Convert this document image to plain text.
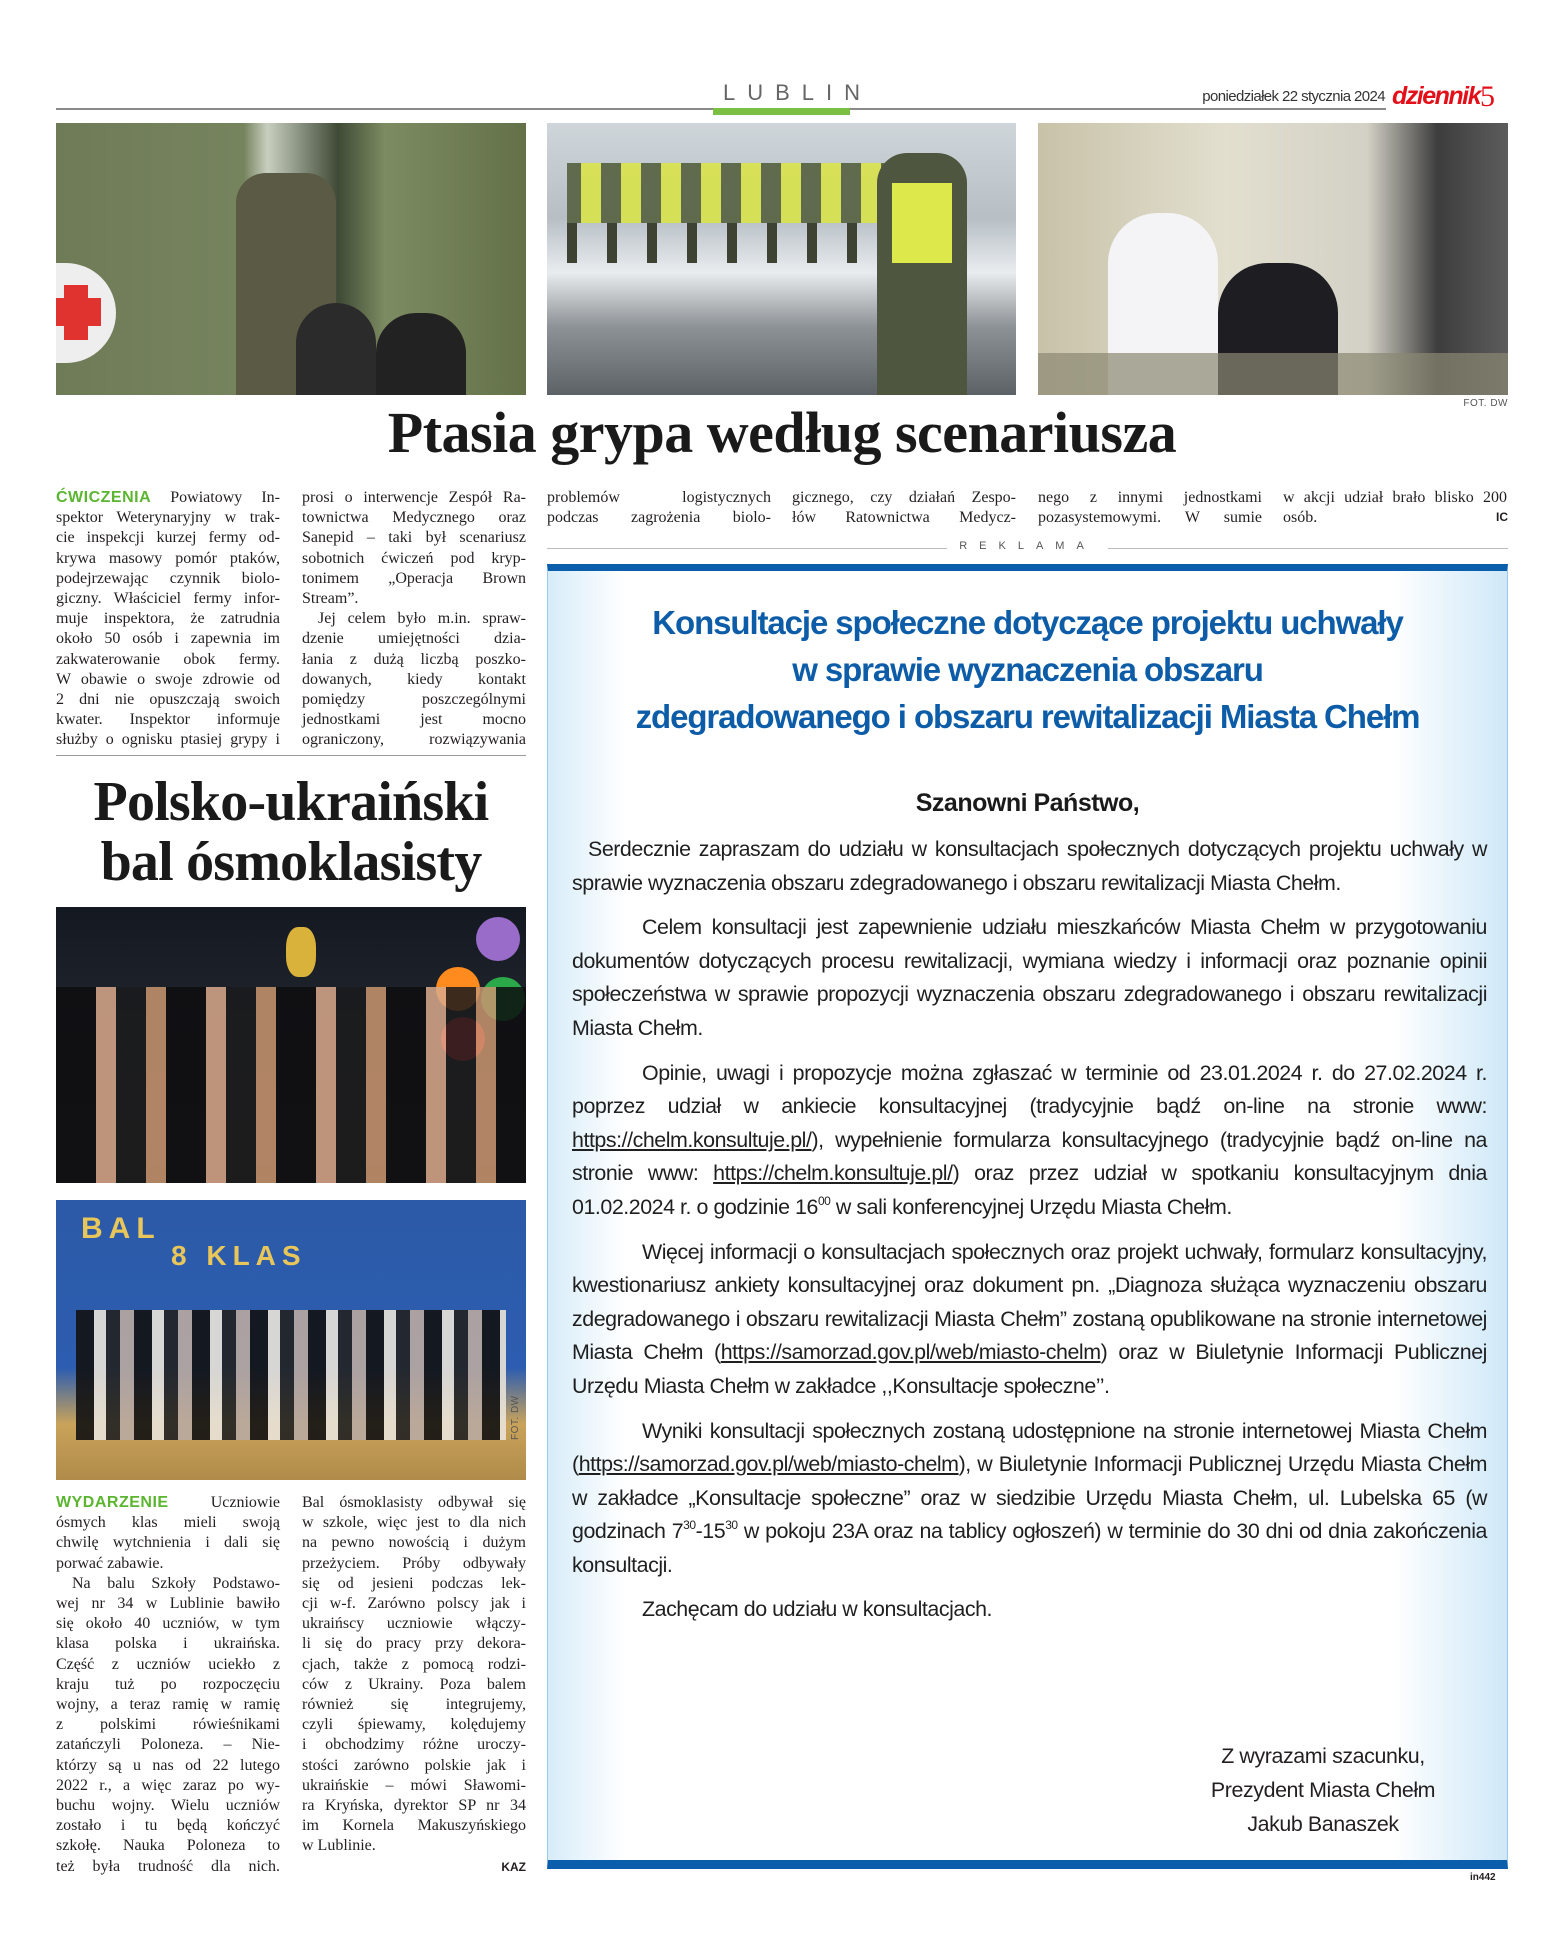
LUBLIN	poniedziałek 22 stycznia 2024 dziennik 5
FOT. DW
Ptasia grypa według scenariusza
ĆWICZENIA Powiatowy In-
spektor Weterynaryjny w trak-
cie inspekcji kurzej fermy od-
krywa masowy pomór ptaków,
podejrzewając czynnik biolo-
giczny. Właściciel fermy infor-
muje inspektora, że zatrudnia
około 50 osób i zapewnia im
zakwaterowanie obok fermy.
W obawie o swoje zdrowie od
2 dni nie opuszczają swoich
kwater. Inspektor informuje
służby o ognisku ptasiej grypy i
prosi o interwencje Zespół Ra-
townictwa Medycznego oraz
Sanepid – taki był scenariusz
sobotnich ćwiczeń pod kryp-
tonimem „Operacja Brown
Stream”.
Jej celem było m.in. spraw-
dzenie umiejętności dzia-
łania z dużą liczbą poszko-
dowanych, kiedy kontakt
pomiędzy poszczególnymi
jednostkami jest mocno
ograniczony, rozwiązywania
problemów logistycznych
podczas zagrożenia biolo-
gicznego, czy działań Zespo-
łów Ratownictwa Medycz-
nego z innymi jednostkami
pozasystemowymi. W sumie
w akcji udział brało blisko 200
osób.	IC
REKLAMA
Konsultacje społeczne dotyczące projektu uchwały
w sprawie wyznaczenia obszaru
zdegradowanego i obszaru rewitalizacji Miasta Chełm
Szanowni Państwo,

Serdecznie zapraszam do udziału w konsultacjach społecznych dotyczących projektu uchwały w sprawie wyznaczenia obszaru zdegradowanego i obszaru rewitalizacji Miasta Chełm.

Celem konsultacji jest zapewnienie udziału mieszkańców Miasta Chełm w przygotowaniu dokumentów dotyczących procesu rewitalizacji, wymiana wiedzy i informacji oraz poznanie opinii społeczeństwa w sprawie propozycji wyznaczenia obszaru zdegradowanego i obszaru rewitalizacji Miasta Chełm.

Opinie, uwagi i propozycje można zgłaszać w terminie od 23.01.2024 r. do 27.02.2024 r. poprzez udział w ankiecie konsultacyjnej (tradycyjnie bądź on-line na stronie www: https://chelm.konsultuje.pl/), wypełnienie formularza konsultacyjnego (tradycyjnie bądź on-line na stronie www: https://chelm.konsultuje.pl/) oraz przez udział w spotkaniu konsultacyjnym dnia 01.02.2024 r. o godzinie $16^{00}$ w sali konferencyjnej Urzędu Miasta Chełm.

Więcej informacji o konsultacjach społecznych oraz projekt uchwały, formularz konsultacyjny, kwestionariusz ankiety konsultacyjnej oraz dokument pn. „Diagnoza służąca wyznaczeniu obszaru zdegradowanego i obszaru rewitalizacji Miasta Chełm” zostaną opublikowane na stronie internetowej Miasta Chełm (https://samorzad.gov.pl/web/miasto-chelm) oraz w Biuletynie Informacji Publicznej Urzędu Miasta Chełm w zakładce ,,Konsultacje społeczne’’.

Wyniki konsultacji społecznych zostaną udostępnione na stronie internetowej Miasta Chełm (https://samorzad.gov.pl/web/miasto-chelm), w Biuletynie Informacji Publicznej Urzędu Miasta Chełm w zakładce „Konsultacje społeczne” oraz w siedzibie Urzędu Miasta Chełm, ul. Lubelska 65 (w godzinach $7^{30}-15^{30}$ w pokoju 23A oraz na tablicy ogłoszeń) w terminie do 30 dni od dnia zakończenia konsultacji.

Zachęcam do udziału w konsultacjach.

Z wyrazami szacunku,
Prezydent Miasta Chełm
Jakub Banaszek
in442
Polsko-ukraiński
bal ósmoklasisty
BAL
8 KLAS
FOT. DW
WYDARZENIE	Uczniowie
ósmych klas mieli swoją
chwilę wytchnienia i dali się
porwać zabawie.
Na balu Szkoły Podstawo-
wej nr 34 w Lublinie bawiło
się około 40 uczniów, w tym
klasa polska i ukraińska.
Część z uczniów uciekło z
kraju tuż po rozpoczęciu
wojny, a teraz ramię w ramię
z polskimi rówieśnikami
zatańczyli Poloneza. – Nie-
którzy są u nas od 22 lutego
2022 r., a więc zaraz po wy-
buchu wojny. Wielu uczniów
zostało i tu będą kończyć
szkołę. Nauka Poloneza to
też była trudność dla nich.
Bal ósmoklasisty odbywał się
w szkole, więc jest to dla nich
na pewno nowością i dużym
przeżyciem. Próby odbywały
się od jesieni podczas lek-
cji w-f. Zarówno polscy jak i
ukraińscy uczniowie włączy-
li się do pracy przy dekora-
cjach, także z pomocą rodzi-
ców z Ukrainy. Poza balem
również się integrujemy,
czyli śpiewamy, kolędujemy
i obchodzimy różne uroczy-
stości zarówno polskie jak i
ukraińskie – mówi Sławomi-
ra Kryńska, dyrektor SP nr 34
im Kornela Makuszyńskiego
w Lublinie.
KAZ
